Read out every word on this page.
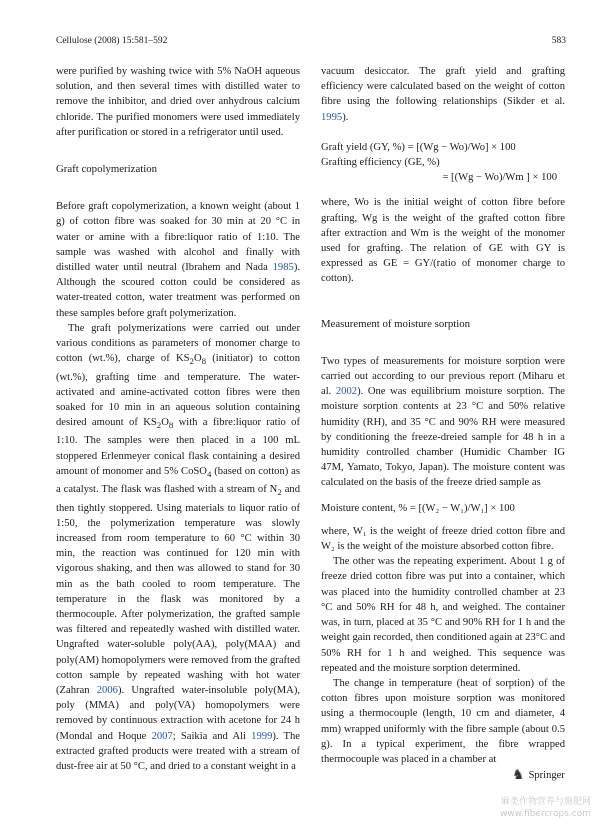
Cellulose (2008) 15:581–592	583

were purified by washing twice with 5% NaOH aqueous solution, and then several times with distilled water to remove the inhibitor, and dried over anhydrous calcium chloride. The purified monomers were used immediately after purification or stored in a refrigerator until used.

Graft copolymerization

Before graft copolymerization, a known weight (about 1 g) of cotton fibre was soaked for 30 min at 20 °C in water or amine with a fibre:liquor ratio of 1:10. The sample was washed with alcohol and finally with distilled water until neutral (Ibrahem and Nada 1985). Although the scoured cotton could be considered as water-treated cotton, water treatment was performed on these samples before graft polymerization.

The graft polymerizations were carried out under various conditions as parameters of monomer charge to cotton (wt.%), charge of $KS_2O_8$ (initiator) to cotton (wt.%), grafting time and temperature. The water-activated and amine-activated cotton fibres were then soaked for 10 min in an aqueous solution containing desired amount of $KS_2O_8$ with a fibre:liquor ratio of 1:10. The samples were then placed in a 100 mL stoppered Erlenmeyer conical flask containing a desired amount of monomer and 5% CoSO$_4$ (based on cotton) as a catalyst. The flask was flashed with a stream of $N_2$ and then tightly stoppered. Using materials to liquor ratio of 1:50, the polymerization temperature was slowly increased from room temperature to 60 °C within 30 min, the reaction was continued for 120 min with vigorous shaking, and then was allowed to stand for 30 min as the bath cooled to room temperature. The temperature in the flask was monitored by a thermocouple. After polymerization, the grafted sample was filtered and repeatedly washed with distilled water. Ungrafted water-soluble poly(AA), poly(MAA) and poly(AM) homopolymers were removed from the grafted cotton sample by repeated washing with hot water (Zahran 2006). Ungrafted water-insoluble poly(MA), poly (MMA) and poly(VA) homopolymers were removed by continuous extraction with acetone for 24 h (Mondal and Hoque 2007; Saikia and Ali 1999). The extracted grafted products were treated with a stream of dust-free air at 50 °C, and dried to a constant weight in a

vacuum desiccator. The graft yield and grafting efficiency were calculated based on the weight of cotton fibre using the following relationships (Sikder et al. 1995).

Graft yield (GY, %) = [(Wg − Wo)/Wo] × 100

Grafting efficiency (GE, %)

= [(Wg − Wo)/Wm ] × 100

where, Wo is the initial weight of cotton fibre before grafting, Wg is the weight of the grafted cotton fibre after extraction and Wm is the weight of the monomer used for grafting. The relation of GE with GY is expressed as GE = GY/(ratio of monomer charge to cotton).

Measurement of moisture sorption

Two types of measurements for moisture sorption were carried out according to our previous report (Miharu et al. 2002). One was equilibrium moisture sorption. The moisture sorption contents at 23 °C and 50% relative humidity (RH), and 35 °C and 90% RH were measured by conditioning the freeze-dreied sample for 48 h in a humidity controlled chamber (Humidic Chamber IG 47M, Yamato, Tokyo, Japan). The moisture content was calculated on the basis of the freeze dried sample as

Moisture content, % = [(W₂ − W₁)/W₁] × 100

where, W₁ is the weight of freeze dried cotton fibre and W₂ is the weight of the moisture absorbed cotton fibre.

The other was the repeating experiment. About 1 g of freeze dried cotton fibre was put into a container, which was placed into the humidity controlled chamber at 23 °C and 50% RH for 48 h, and weighed. The container was, in turn, placed at 35 °C and 90% RH for 1 h and the weight gain recorded, then conditioned again at 23°C and 50% RH for 1 h and weighed. This sequence was repeated and the moisture sorption determined.

The change in temperature (heat of sorption) of the cotton fibres upon moisture sorption was monitored using a thermocouple (length, 10 cm and diameter, 4 mm) wrapped uniformly with the fibre sample (about 0.5 g). In a typical experiment, the fibre wrapped thermocouple was placed in a chamber at

♞ Springer
麻类作物营养与施肥网
www.fibercrops.com
